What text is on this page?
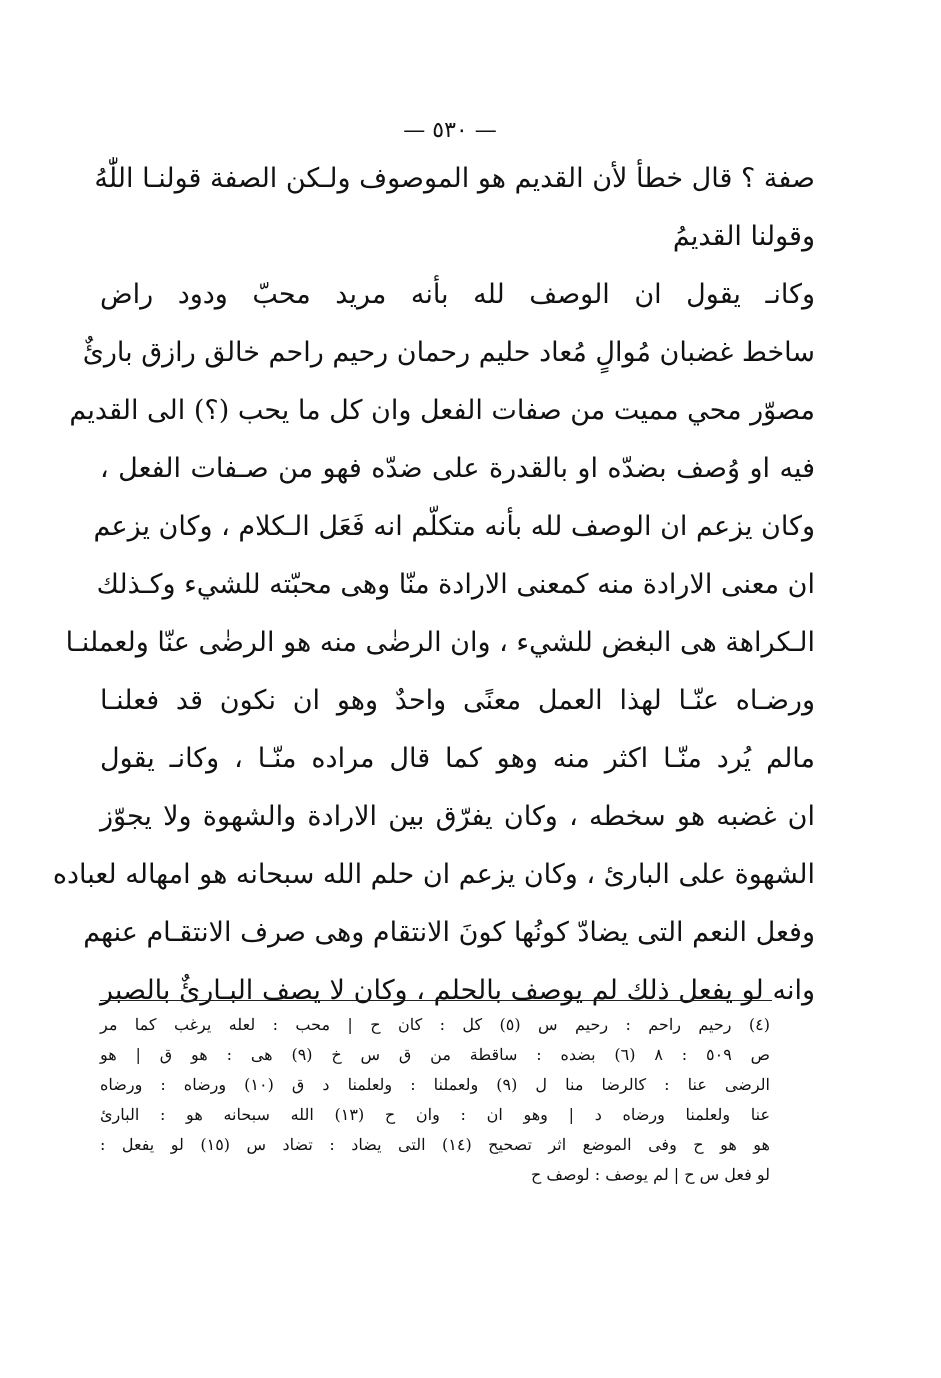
— ٥٣٠ —
صفة ؟ قال خطأ لأن القديم هو الموصوف ولـكن الصفة قولنـا اللّٰهُ
وقولنا القديمُ
وكانـ يقول ان الوصف لله بأنه مريد محبّ ودود راض
ساخط غضبان مُوالٍ مُعاد حليم رحمان رحيم راحم خالق رازق بارئٌ
مصوّر محي مميت من صفات الفعل وان كل ما يحب (؟) الى القديم
فيه او وُصف بضدّه او بالقدرة على ضدّه فهو من صـفات الفعل ،
وكان يزعم ان الوصف لله بأنه متكلّم انه فَعَل الـكلام ، وكان يزعم
ان معنى الارادة منه كمعنى الارادة منّا وهى محبّته للشيء وكـذلك
الـكراهة هى البغض للشيء ، وان الرضٰى منه هو الرضٰى عنّا ولعملنـا
ورضـاه عنّـا لهذا العمل معنًى واحدٌ وهو ان نكون قد فعلنـا
مالم يُرد منّـا اكثر منه وهو كما قال مراده منّـا ، وكانـ يقول
ان غضبه هو سخطه ، وكان يفرّق بين الارادة والشهوة ولا يجوّز
الشهوة على البارئ ، وكان يزعم ان حلم الله سبحانه هو امهاله لعباده
وفعل النعم التى يضادّ كونُها كونَ الانتقام وهى صرف الانتقـام عنهم
وانه لو يفعل ذلك لم يوصف بالحلم ، وكان لا يصف البـارئٌ بالصبر
(٤) رحيم راحم : رحيم س (٥) كل : كان ح | محب : لعله يرغب كما مر
ص ٥٠٩ : ٨ (٦) بضده : ساقطة من ق س خ (٩) هى : هو ق | هو
الرضى عنا : كالرضا منا ل (٩) ولعملنا : ولعلمنا د ق (١٠) ورضاه : ورضاه
عنا ولعلمنا ورضاه د | وهو ان : وان ح (١٣) الله سبحانه هو : البارئ
هو هو ح وفى الموضع اثر تصحيح (١٤) التى يضاد : تضاد س (١٥) لو يفعل :
لو فعل س ح | لم يوصف : لوصف ح
